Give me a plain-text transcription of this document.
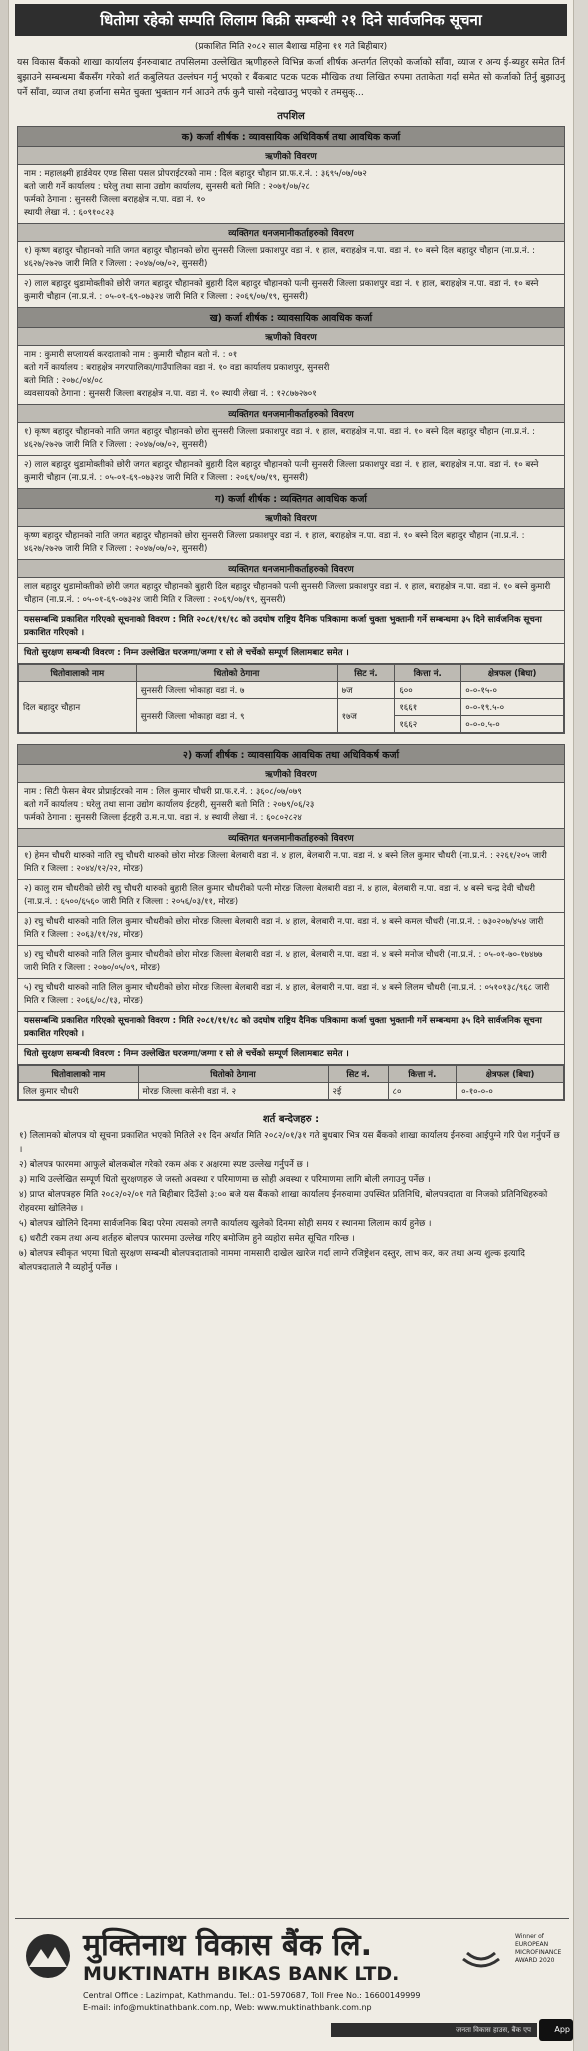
धितोमा रहेको सम्पति लिलाम बिक्री सम्बन्धी २१ दिने सार्वजनिक सूचना
(प्रकाशित मिति २०८२ साल बैशाख महिना ११ गते बिहीबार)
यस विकास बैंकको शाखा कार्यालय ईनरुवाबाट तपसिलमा उल्लेखित ऋणीहरुले विभिन्न कर्जा शीर्षक अन्तर्गत लिएको कर्जाको साँवा, व्याज र अन्य ई-ब्यहुर समेत तिर्न बुझाउने सम्बन्धमा बैंकसँग गरेको शर्त कबुलियत उल्लंघन गर्नु भएको र बैंकबाट पटक पटक मौखिक तथा लिखित रुपमा तताकेता गर्दा समेत सो कर्जाको तिर्नु बुझाउनु पर्ने साँवा, व्याज तथा हर्जाना समेत चुक्ता भुक्तान गर्न आउने तर्फ कुनै चासो नदेखाउनु भएको र तमसुक्...
तपशिल
क) कर्जा शीर्षक : व्यावसायिक अधिविकर्ष तथा आवधिक कर्जा
ऋणीको विवरण
नाम : महालक्ष्मी हार्डवेयर एण्ड सिसा पसल प्रोपराईटरको नाम : दिल बहादुर चौहान प्रा.फ.र.नं. : ३६९५/०७/०७२
बतो जारी गर्ने कार्यालय : घरेलु तथा साना उद्योग कार्यालय, सुनसरी बतो मिति : २०७१/०७/२८
फर्मको ठेगाना : सुनसरी जिल्ला बराहक्षेत्र न.पा. वडा नं. १०
स्थायी लेखा नं. : ६०९१०८२३
व्यक्तिगत धनजमानीकर्ताहरुको विवरण
१) कृष्ण बहादुर चौहानको नाति जगत बहादुर चौहानको छोरा सुनसरी जिल्ला प्रकाशपुर वडा नं. १ हाल, बराहक्षेत्र न.पा. वडा नं. १० बस्ने दिल बहादुर चौहान (ना.प्र.नं. : ४६२७/२७२७ जारी मिति र जिल्ला : २०४७/०७/०२, सुनसरी)
२) लाल बहादुर थुडामोक्तीको छोरी जगत बहादुर चौहानको बुहारी दिल बहादुर चौहानको पत्नी सुनसरी जिल्ला प्रकाशपुर वडा नं. १ हाल, बराहक्षेत्र न.पा. वडा नं. १० बस्ने कुमारी चौहान (ना.प्र.नं. : ०५-०१-६९-०७३२४ जारी मिति र जिल्ला : २०६९/०७/१९, सुनसरी)
ख) कर्जा शीर्षक : व्यावसायिक आवधिक कर्जा
ऋणीको विवरण
नाम : कुमारी सप्लायर्स करदाताको नाम : कुमारी चौहान बतो नं. : ०१
बतो गर्ने कार्यालय : बराहक्षेत्र नगरपालिका/गाउँपालिका वडा नं. १० वडा कार्यालय प्रकाशपुर, सुनसरी
बतो मिति : २०७८/०४/०८
व्यवसायको ठेगाना : सुनसरी जिल्ला बराहक्षेत्र न.पा. वडा नं. १० स्थायी लेखा नं. : १२८७७२७०१
व्यक्तिगत धनजमानीकर्ताहरुको विवरण
१) कृष्ण बहादुर चौहानको नाति जगत बहादुर चौहानको छोरा सुनसरी जिल्ला प्रकाशपुर वडा नं. १ हाल, बराहक्षेत्र न.पा. वडा नं. १० बस्ने दिल बहादुर चौहान (ना.प्र.नं. : ४६२७/२७२७ जारी मिति र जिल्ला : २०४७/०७/०२, सुनसरी)
२) लाल बहादुर थुडामोक्तीको छोरी जगत बहादुर चौहानको बुहारी दिल बहादुर चौहानको पत्नी सुनसरी जिल्ला प्रकाशपुर वडा नं. १ हाल, बराहक्षेत्र न.पा. वडा नं. १० बस्ने कुमारी चौहान (ना.प्र.नं. : ०५-०१-६९-०७३२४ जारी मिति र जिल्ला : २०६९/०७/१९, सुनसरी)
ग) कर्जा शीर्षक : व्यक्तिगत आवधिक कर्जा
ऋणीको विवरण
कृष्ण बहादुर चौहानको नाति जगत बहादुर चौहानको छोरा सुनसरी जिल्ला प्रकाशपुर वडा नं. १ हाल, बराहक्षेत्र न.पा. वडा नं. १० बस्ने दिल बहादुर चौहान (ना.प्र.नं. : ४६२७/२७२७ जारी मिति र जिल्ला : २०४७/०७/०२, सुनसरी)
व्यक्तिगत धनजमानीकर्ताहरुको विवरण
लाल बहादुर थुडामोक्तीको छोरी जगत बहादुर चौहानको बुहारी दिल बहादुर चौहानको पत्नी सुनसरी जिल्ला प्रकाशपुर वडा नं. १ हाल, बराहक्षेत्र न.पा. वडा नं. १० बस्ने कुमारी चौहान (ना.प्र.नं. : ०५-०१-६९-०७३२४ जारी मिति र जिल्ला : २०६९/०७/१९, सुनसरी)
यससम्बन्धि प्रकाशित गरिएको सूचनाको विवरण : मिति २०८१/११/१८ को उदघोष राष्ट्रिय दैनिक पत्रिकामा कर्जा चुक्ता भुक्तानी गर्ने सम्बन्धमा ३५ दिने सार्वजनिक सूचना प्रकाशित गरिएको ।
धितो सुरक्षण सम्बन्धी विवरण : निम्न उल्लेखित घरजग्गा/जग्गा र सो ले चर्चेको सम्पूर्ण लिलामबाट समेत ।
धितोवालाको नाम	धितोको ठेगाना	सिट नं.	कित्ता नं.	क्षेत्रफल (बिघा)
दिल बहादुर चौहान	सुनसरी जिल्ला भोकाहा वडा नं. ७	७ज	६००	०-०-१५-०
	सुनसरी जिल्ला भोकाहा वडा नं. ९	१७ज	१६६१	०-०-१९.५-०
			१६६२	०-०-०.५-०
२) कर्जा शीर्षक : व्यावसायिक आवधिक तथा अधिविकर्ष कर्जा
ऋणीको विवरण
नाम : सिटी फेसन बेयर प्रोप्राईटरको नाम : लिल कुमार चौधरी प्रा.फ.र.नं. : ३६०८/०७/०७९
बतो गर्ने कार्यालय : घरेलु तथा साना उद्योग कार्यालय ईटहरी, सुनसरी बतो मिति : २०७९/०६/२३
फर्मको ठेगाना : सुनसरी जिल्ला ईटहरी उ.म.न.पा. वडा नं. ४ स्थायी लेखा नं. : ६०८०२८२४
व्यक्तिगत धनजमानीकर्ताहरुको विवरण
१) हेमन चौधरी थारुको नाति रघु चौधरी थारुको छोरा मोरङ जिल्ला बेलबारी वडा नं. ४ हाल, बेलबारी न.पा. वडा नं. ४ बस्ने लिल कुमार चौधरी (ना.प्र.नं. : २२६१/२०५ जारी मिति र जिल्ला : २०४४/१२/२२, मोरङ)
२) कालु राम चौधरीको छोरी रघु चौधरी थारुको बुहारी लिल कुमार चौधरीको पत्नी मोरङ जिल्ला बेलबारी वडा नं. ४ हाल, बेलबारी न.पा. वडा नं. ४ बस्ने चन्द्र देवी चौधरी (ना.प्र.नं. : ६५००/६५६० जारी मिति र जिल्ला : २०५६/०३/११, मोरङ)
३) रघु चौधरी थारुको नाति लिल कुमार चौधरीको छोरा मोरङ जिल्ला बेलबारी वडा नं. ४ हाल, बेलबारी न.पा. वडा नं. ४ बस्ने कमल चौधरी (ना.प्र.नं. : ७३०२०७/४५४ जारी मिति र जिल्ला : २०६३/११/२४, मोरङ)
४) रघु चौधरी थारुको नाति लिल कुमार चौधरीको छोरा मोरङ जिल्ला बेलबारी वडा नं. ४ हाल, बेलबारी न.पा. वडा नं. ४ बस्ने मनोज चौधरी (ना.प्र.नं. : ०५-०१-७०-१७४७७ जारी मिति र जिल्ला : २०७०/०५/०९, मोरङ)
५) रघु चौधरी थारुको नाति लिल कुमार चौधरीको छोरा मोरङ जिल्ला बेलबारी वडा नं. ४ हाल, बेलबारी न.पा. वडा नं. ४ बस्ने लिलम चौधरी (ना.प्र.नं. : ०५१०१३८/९६८ जारी मिति र जिल्ला : २०६६/०८/१३, मोरङ)
यससम्बन्धि प्रकाशित गरिएको सूचनाको विवरण : मिति २०८१/११/१८ को उदघोष राष्ट्रिय दैनिक पत्रिकामा कर्जा चुक्ता भुक्तानी गर्ने सम्बन्धमा ३५ दिने सार्वजनिक सूचना प्रकाशित गरिएको ।
धितो सुरक्षण सम्बन्धी विवरण : निम्न उल्लेखित घरजग्गा/जग्गा र सो ले चर्चेको सम्पूर्ण लिलामबाट समेत ।
धितोवालाको नाम	धितोको ठेगाना	सिट नं.	कित्ता नं.	क्षेत्रफल (बिघा)
लिल कुमार चौधरी	मोरङ जिल्ला कसेनी वडा नं. २	२ई	८०	०-१०-०-०
शर्त बन्देजहरु :
१) लिलामको बोलपत्र यो सूचना प्रकाशित भएको मितिले २१ दिन अर्थात मिति २०८२/०१/३१ गते बुधबार भित्र यस बैंकको शाखा कार्यालय ईनरुवा आईपुग्ने गरि पेश गर्नुपर्ने छ ।
२) बोलपत्र फारममा आफुले बोलकबोल गरेको रकम अंक र अक्षरमा स्पष्ट उल्लेख गर्नुपर्ने छ ।
३) माथि उल्लेखित सम्पूर्ण धितो सुरक्षणहरु जे जस्तो अवस्था र परिमाणमा छ सोही अवस्था र परिमाणमा लागि बोली लगाउनु पर्नेछ ।
४) प्राप्त बोलपत्रहरु मिति २०८२/०२/०१ गते बिहीबार दिउँसो ३:०० बजे यस बैंकको शाखा कार्यालय ईनरुवामा उपस्थित प्रतिनिधि, बोलपत्रदाता वा निजको प्रतिनिधिहरुको रोहवरमा खोलिनेछ ।
५) बोलपत्र खोलिने दिनमा सार्वजनिक बिदा परेमा त्यसको लगत्तै कार्यालय खुलेको दिनमा सोही समय र स्थानमा लिलाम कार्य हुनेछ ।
६) धरौटी रकम तथा अन्य शर्तहरु बोलपत्र फारममा उल्लेख गरिए बमोजिम हुने व्यहोरा समेत सूचित गरिन्छ ।
७) बोलपत्र स्वीकृत भएमा धितो सुरक्षण सम्बन्धी बोलपत्रदाताको नाममा नामसारी दाखेल खारेज गर्दा लाग्ने रजिष्ट्रेशन दस्तुर, लाभ कर, कर तथा अन्य शुल्क इत्यादि बोलपत्रदाताले नै व्यहोर्नु पर्नेछ ।
मुक्तिनाथ विकास बैंक लि.
MUKTINATH BIKAS BANK LTD.
Central Office : Lazimpat, Kathmandu. Tel.: 01-5970687, Toll Free No.: 16600149999
E-mail: info@muktinathbank.com.np, Web: www.muktinathbank.com.np
Winner of EUROPEAN MICROFINANCE AWARD 2020
जनता विकास हाउस, बैंक एप	App
